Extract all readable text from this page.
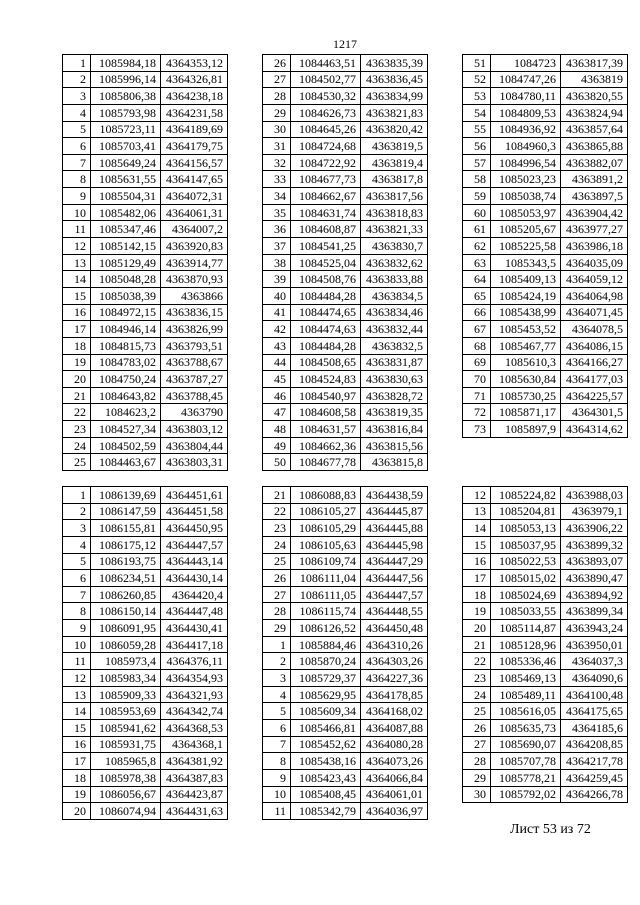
1217
1	1085984,18	4364353,12
2	1085996,14	4364326,81
3	1085806,38	4364238,18
4	1085793,98	4364231,58
5	1085723,11	4364189,69
6	1085703,41	4364179,75
7	1085649,24	4364156,57
8	1085631,55	4364147,65
9	1085504,31	4364072,31
10	1085482,06	4364061,31
11	1085347,46	4364007,2
12	1085142,15	4363920,83
13	1085129,49	4363914,77
14	1085048,28	4363870,93
15	1085038,39	4363866
16	1084972,15	4363836,15
17	1084946,14	4363826,99
18	1084815,73	4363793,51
19	1084783,02	4363788,67
20	1084750,24	4363787,27
21	1084643,82	4363788,45
22	1084623,2	4363790
23	1084527,34	4363803,12
24	1084502,59	4363804,44
25	1084463,67	4363803,31
26	1084463,51	4363835,39
27	1084502,77	4363836,45
28	1084530,32	4363834,99
29	1084626,73	4363821,83
30	1084645,26	4363820,42
31	1084724,68	4363819,5
32	1084722,92	4363819,4
33	1084677,73	4363817,8
34	1084662,67	4363817,56
35	1084631,74	4363818,83
36	1084608,87	4363821,33
37	1084541,25	4363830,7
38	1084525,04	4363832,62
39	1084508,76	4363833,88
40	1084484,28	4363834,5
41	1084474,65	4363834,46
42	1084474,63	4363832,44
43	1084484,28	4363832,5
44	1084508,65	4363831,87
45	1084524,83	4363830,63
46	1084540,97	4363828,72
47	1084608,58	4363819,35
48	1084631,57	4363816,84
49	1084662,36	4363815,56
50	1084677,78	4363815,8
51	1084723	4363817,39
52	1084747,26	4363819
53	1084780,11	4363820,55
54	1084809,53	4363824,94
55	1084936,92	4363857,64
56	1084960,3	4363865,88
57	1084996,54	4363882,07
58	1085023,23	4363891,2
59	1085038,74	4363897,5
60	1085053,97	4363904,42
61	1085205,67	4363977,27
62	1085225,58	4363986,18
63	1085343,5	4364035,09
64	1085409,13	4364059,12
65	1085424,19	4364064,98
66	1085438,99	4364071,45
67	1085453,52	4364078,5
68	1085467,77	4364086,15
69	1085610,3	4364166,27
70	1085630,84	4364177,03
71	1085730,25	4364225,57
72	1085871,17	4364301,5
73	1085897,9	4364314,62
1	1086139,69	4364451,61
2	1086147,59	4364451,58
3	1086155,81	4364450,95
4	1086175,12	4364447,57
5	1086193,75	4364443,14
6	1086234,51	4364430,14
7	1086260,85	4364420,4
8	1086150,14	4364447,48
9	1086091,95	4364430,41
10	1086059,28	4364417,18
11	1085973,4	4364376,11
12	1085983,34	4364354,93
13	1085909,33	4364321,93
14	1085953,69	4364342,74
15	1085941,62	4364368,53
16	1085931,75	4364368,1
17	1085965,8	4364381,92
18	1085978,38	4364387,83
19	1086056,67	4364423,87
20	1086074,94	4364431,63
21	1086088,83	4364438,59
22	1086105,27	4364445,87
23	1086105,29	4364445,88
24	1086105,63	4364445,98
25	1086109,74	4364447,29
26	1086111,04	4364447,56
27	1086111,05	4364447,57
28	1086115,74	4364448,55
29	1086126,52	4364450,48
1	1085884,46	4364310,26
2	1085870,24	4364303,26
3	1085729,37	4364227,36
4	1085629,95	4364178,85
5	1085609,34	4364168,02
6	1085466,81	4364087,88
7	1085452,62	4364080,28
8	1085438,16	4364073,26
9	1085423,43	4364066,84
10	1085408,45	4364061,01
11	1085342,79	4364036,97
12	1085224,82	4363988,03
13	1085204,81	4363979,1
14	1085053,13	4363906,22
15	1085037,95	4363899,32
16	1085022,53	4363893,07
17	1085015,02	4363890,47
18	1085024,69	4363894,92
19	1085033,55	4363899,34
20	1085114,87	4363943,24
21	1085128,96	4363950,01
22	1085336,46	4364037,3
23	1085469,13	4364090,6
24	1085489,11	4364100,48
25	1085616,05	4364175,65
26	1085635,73	4364185,6
27	1085690,07	4364208,85
28	1085707,78	4364217,78
29	1085778,21	4364259,45
30	1085792,02	4364266,78
Лист 53 из 72
